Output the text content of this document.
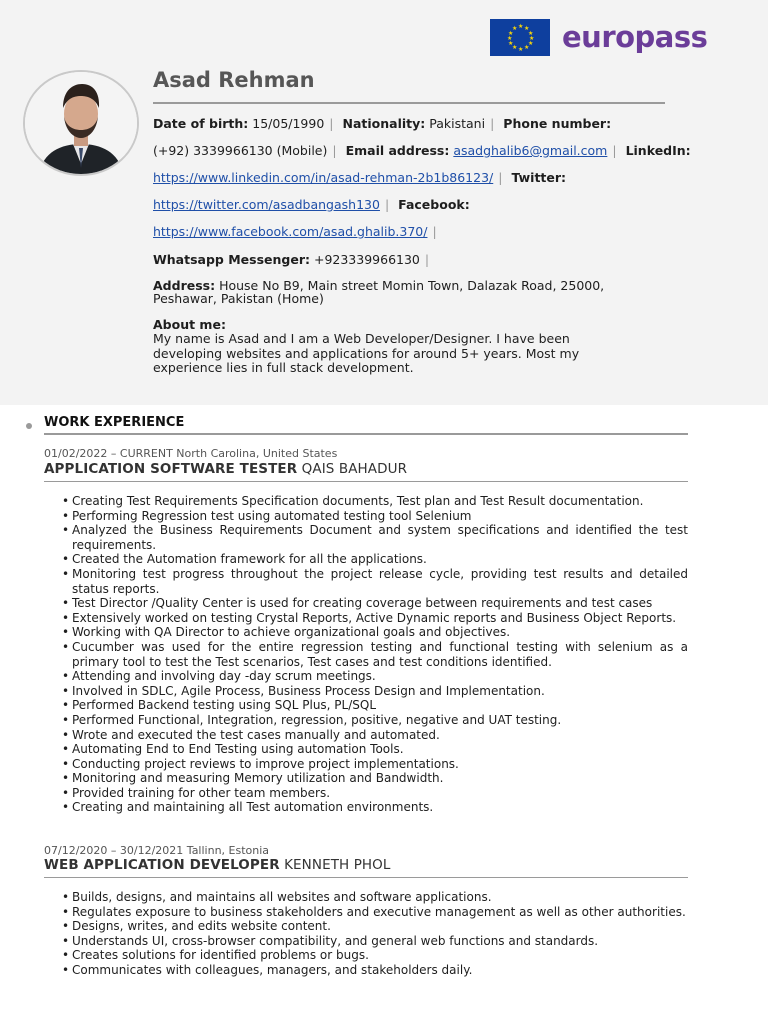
★ ★
★
★
★
★
★
★
★
★
★
★ europass
Asad Rehman
Date of birth: 15/05/1990 | Nationality: Pakistani | Phone number:
(+92) 3339966130 (Mobile) | Email address: asadghalib6@gmail.com | LinkedIn:
https://www.linkedin.com/in/asad-rehman-2b1b86123/ | Twitter:
https://twitter.com/asadbangash130 | Facebook:
https://www.facebook.com/asad.ghalib.370/ |
Whatsapp Messenger: +923339966130 |
Address: House No B9, Main street Momin Town, Dalazak Road, 25000,
Peshawar, Pakistan (Home)
About me:
My name is Asad and I am a Web Developer/Designer. I have been developing websites and applications for around 5+ years. Most my experience lies in full stack development.
WORK EXPERIENCE
01/02/2022 – CURRENT North Carolina, United States
APPLICATION SOFTWARE TESTER QAIS BAHADUR
• Creating Test Requirements Specification documents, Test plan and Test Result documentation.
• Performing Regression test using automated testing tool Selenium
• Analyzed the Business Requirements Document and system specifications and identified the test requirements.
• Created the Automation framework for all the applications.
• Monitoring test progress throughout the project release cycle, providing test results and detailed status reports.
• Test Director /Quality Center is used for creating coverage between requirements and test cases
• Extensively worked on testing Crystal Reports, Active Dynamic reports and Business Object Reports.
• Working with QA Director to achieve organizational goals and objectives.
• Cucumber was used for the entire regression testing and functional testing with selenium as a primary tool to test the Test scenarios, Test cases and test conditions identified.
• Attending and involving day -day scrum meetings.
• Involved in SDLC, Agile Process, Business Process Design and Implementation.
• Performed Backend testing using SQL Plus, PL/SQL
• Performed Functional, Integration, regression, positive, negative and UAT testing.
• Wrote and executed the test cases manually and automated.
• Automating End to End Testing using automation Tools.
• Conducting project reviews to improve project implementations.
• Monitoring and measuring Memory utilization and Bandwidth.
• Provided training for other team members.
• Creating and maintaining all Test automation environments.
07/12/2020 – 30/12/2021 Tallinn, Estonia
WEB APPLICATION DEVELOPER KENNETH PHOL
• Builds, designs, and maintains all websites and software applications.
• Regulates exposure to business stakeholders and executive management as well as other authorities.
• Designs, writes, and edits website content.
• Understands UI, cross-browser compatibility, and general web functions and standards.
• Creates solutions for identified problems or bugs.
• Communicates with colleagues, managers, and stakeholders daily.
